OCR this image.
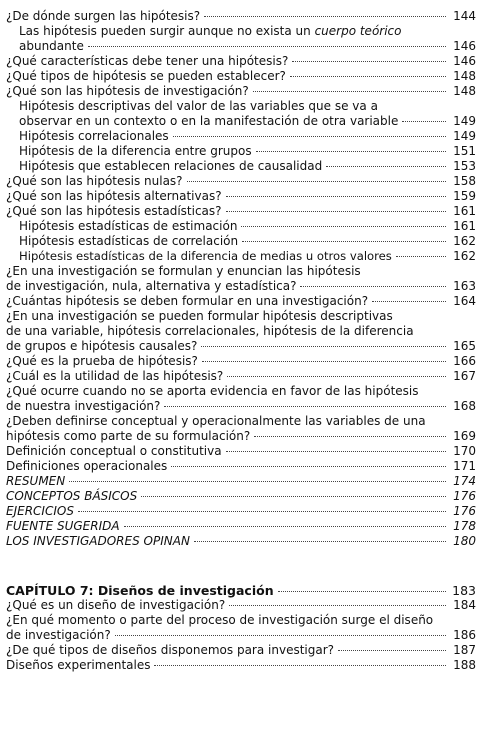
¿De dónde surgen las hipótesis?	144
Las hipótesis pueden surgir aunque no exista un cuerpo teórico
abundante	146
¿Qué características debe tener una hipótesis?	146
¿Qué tipos de hipótesis se pueden establecer?	148
¿Qué son las hipótesis de investigación?	148
Hipótesis descriptivas del valor de las variables que se va a
observar en un contexto o en la manifestación de otra variable	149
Hipótesis correlacionales	149
Hipótesis de la diferencia entre grupos	151
Hipótesis que establecen relaciones de causalidad	153
¿Qué son las hipótesis nulas?	158
¿Qué son las hipótesis alternativas?	159
¿Qué son las hipótesis estadísticas?	161
Hipótesis estadísticas de estimación	161
Hipótesis estadísticas de correlación	162
Hipótesis estadísticas de la diferencia de medias u otros valores	162
¿En una investigación se formulan y enuncian las hipótesis
de investigación, nula, alternativa y estadística?	163
¿Cuántas hipótesis se deben formular en una investigación?	164
¿En una investigación se pueden formular hipótesis descriptivas
de una variable, hipótesis correlacionales, hipótesis de la diferencia
de grupos e hipótesis causales?	165
¿Qué es la prueba de hipótesis?	166
¿Cuál es la utilidad de las hipótesis?	167
¿Qué ocurre cuando no se aporta evidencia en favor de las hipótesis
de nuestra investigación?	168
¿Deben definirse conceptual y operacionalmente las variables de una
hipótesis como parte de su formulación?	169
Definición conceptual o constitutiva	170
Definiciones operacionales	171
RESUMEN	174
CONCEPTOS BÁSICOS	176
EJERCICIOS	176
FUENTE SUGERIDA	178
LOS INVESTIGADORES OPINAN	180
CAPÍTULO 7: Diseños de investigación	183
¿Qué es un diseño de investigación?	184
¿En qué momento o parte del proceso de investigación surge el diseño
de investigación?	186
¿De qué tipos de diseños disponemos para investigar?	187
Diseños experimentales	188
